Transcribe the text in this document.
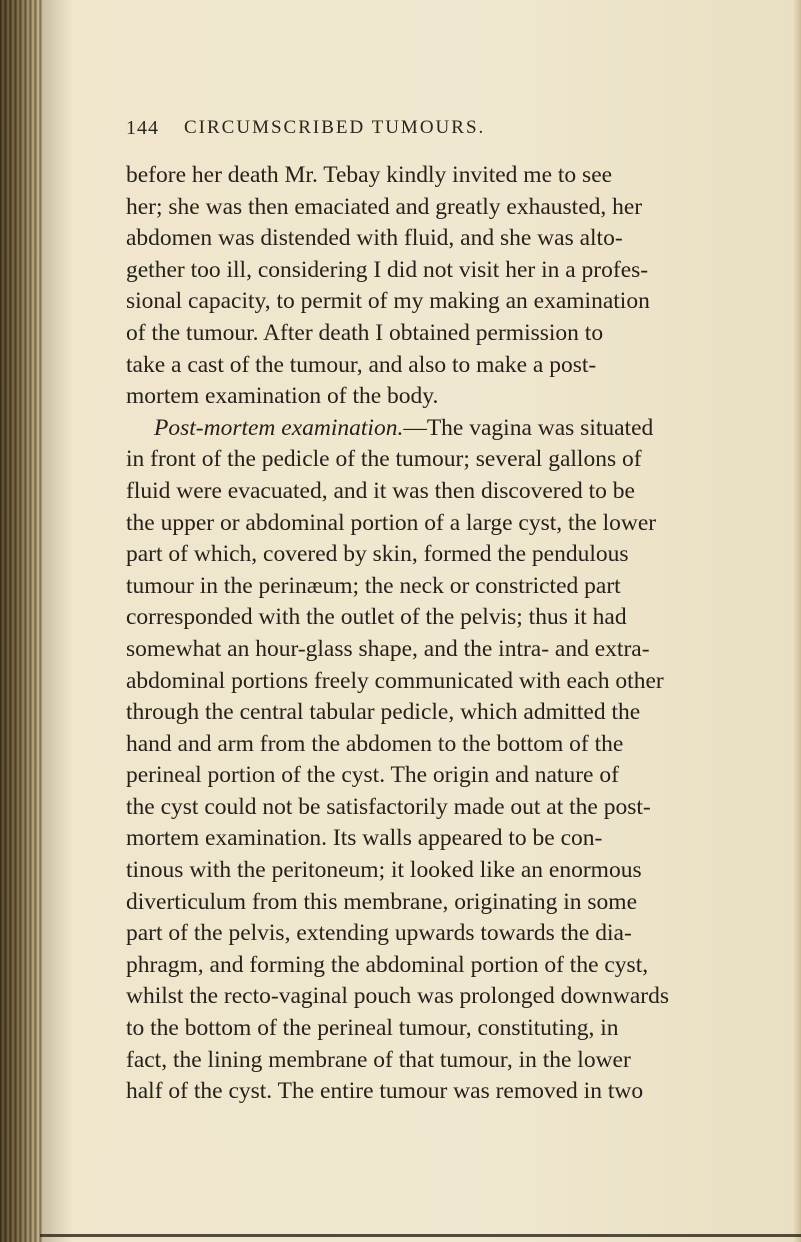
144 CIRCUMSCRIBED TUMOURS.
before her death Mr. Tebay kindly invited me to see
her; she was then emaciated and greatly exhausted, her
abdomen was distended with fluid, and she was alto-
gether too ill, considering I did not visit her in a profes-
sional capacity, to permit of my making an examination
of the tumour. After death I obtained permission to
take a cast of the tumour, and also to make a post-
mortem examination of the body.
Post-mortem examination.—The vagina was situated
in front of the pedicle of the tumour; several gallons of
fluid were evacuated, and it was then discovered to be
the upper or abdominal portion of a large cyst, the lower
part of which, covered by skin, formed the pendulous
tumour in the perinæum; the neck or constricted part
corresponded with the outlet of the pelvis; thus it had
somewhat an hour-glass shape, and the intra- and extra-
abdominal portions freely communicated with each other
through the central tabular pedicle, which admitted the
hand and arm from the abdomen to the bottom of the
perineal portion of the cyst. The origin and nature of
the cyst could not be satisfactorily made out at the post-
mortem examination. Its walls appeared to be con-
tinous with the peritoneum; it looked like an enormous
diverticulum from this membrane, originating in some
part of the pelvis, extending upwards towards the dia-
phragm, and forming the abdominal portion of the cyst,
whilst the recto-vaginal pouch was prolonged downwards
to the bottom of the perineal tumour, constituting, in
fact, the lining membrane of that tumour, in the lower
half of the cyst. The entire tumour was removed in two
